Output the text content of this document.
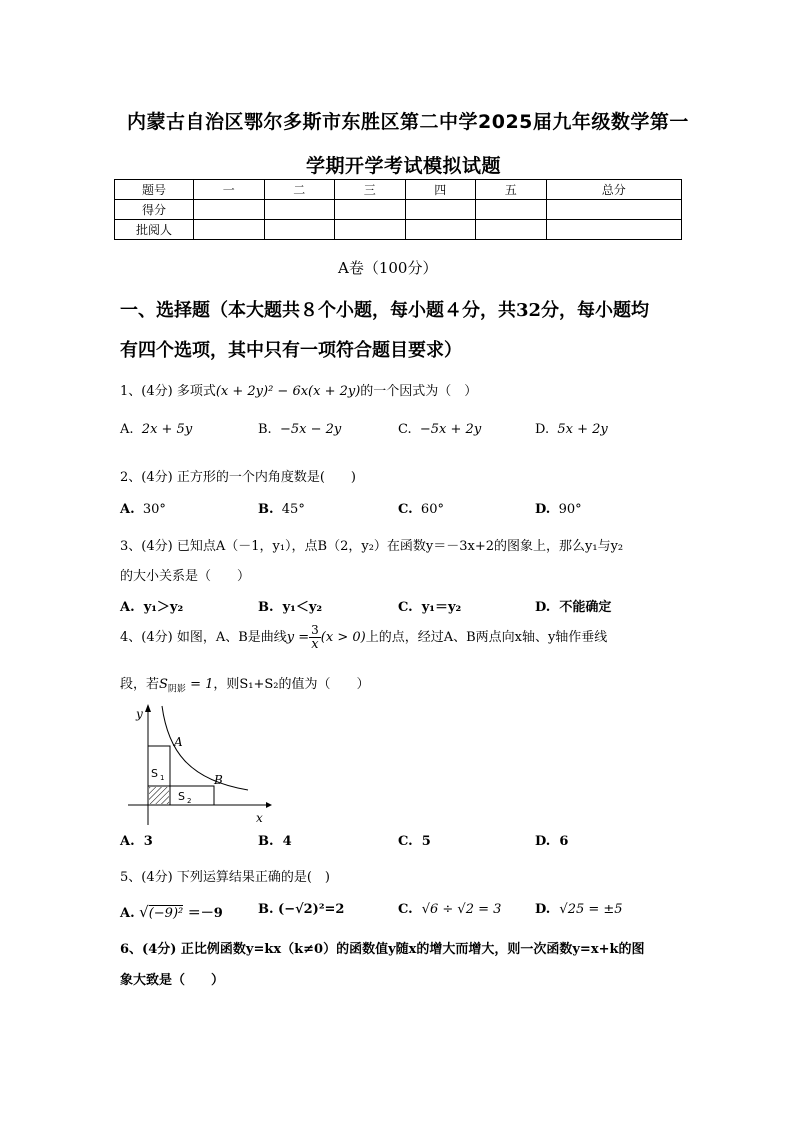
内蒙古自治区鄂尔多斯市东胜区第二中学2025届九年级数学第一
学期开学考试模拟试题
题号	一	二	三	四	五	总分
得分						
批阅人						
A卷（100分）
一、选择题（本大题共８个小题，每小题４分，共32分，每小题均
有四个选项，其中只有一项符合题目要求）
1、(4分) 多项式(x + 2y)² − 6x(x + 2y)的一个因式为（　）
A. 2x + 5y	B. −5x − 2y	C. −5x + 2y	D. 5x + 2y
2、(4分) 正方形的一个内角度数是(　　)
A. 30°	B. 45°	C. 60°	D. 90°
3、(4分) 已知点A（－1，y₁），点B（2，y₂）在函数y＝－3x+2的图象上，那么y₁与y₂
的大小关系是（　　）
A. y₁＞y₂	B. y₁＜y₂	C. y₁＝y₂	D. 不能确定
4、(4分) 如图，A、B是曲线$y = \frac{3}{x} (x > 0)$上的点，经过A、B两点向x轴、y轴作垂线
段，若$S_{阴影} = 1$，则S₁+S₂的值为（　　）
y
x
A
B
S 1
S 2
A. 3	B. 4	C. 5	D. 6
5、(4分) 下列运算结果正确的是(　)
A. √(−9)² ＝－9	B. (−√2)²=2	C. √6 ÷ √2 = 3	D. √25 = ±5
6、(4分) 正比例函数y=kx（k≠0）的函数值y随x的增大而增大，则一次函数y=x+k的图
象大致是（　　）
